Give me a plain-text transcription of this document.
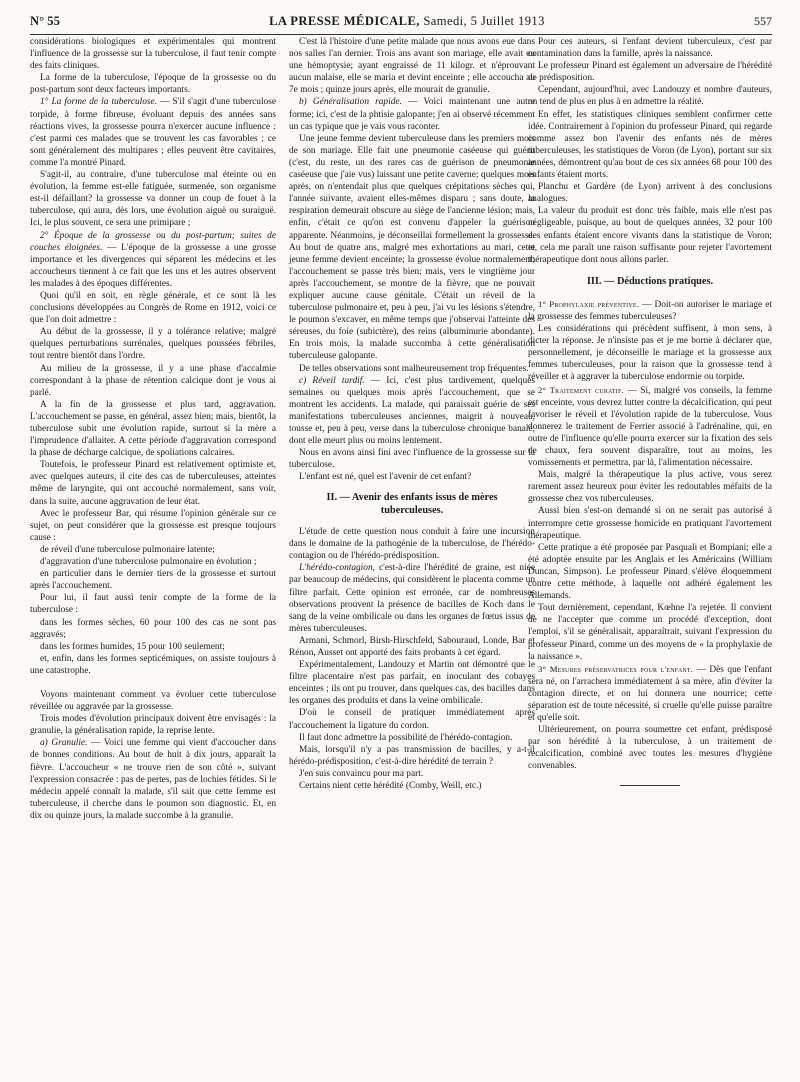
N° 55	LA PRESSE MÉDICALE, Samedi, 5 Juillet 1913	557

considérations biologiques et expérimentales qui montrent l'influence de la grossesse sur la tuberculose, il faut tenir compte des faits cliniques.

La forme de la tuberculose, l'époque de la grossesse ou du post-partum sont deux facteurs importants.

1° La forme de la tuberculose. — S'il s'agit d'une tuberculose torpide, à forme fibreuse, évoluant depuis des années sans réactions vives, la grossesse pourra n'exercer aucune influence : c'est parmi ces malades que se trouvent les cas favorables ; ce sont généralement des multipares ; elles peuvent être cavitaires, comme l'a montré Pinard.

S'agit-il, au contraire, d'une tuberculose mal éteinte ou en évolution, la femme est-elle fatiguée, surmenée, son organisme est-il défaillant? la grossesse va donner un coup de fouet à la tuberculose, qui aura, dès lors, une évolution aiguë ou suraiguë. Ici, le plus souvent, ce sera une primipare ;

2° Époque de la grossesse ou du post-partum; suites de couches éloignées. — L'époque de la grossesse a une grosse importance et les divergences qui séparent les médecins et les accoucheurs tiennent à ce fait que les uns et les autres observent les malades à des époques différentes.

Quoi qu'il en soit, en règle générale, et ce sont là les conclusions développées au Congrès de Rome en 1912, voici ce que l'on doit admettre :

Au début de la grossesse, il y a tolérance relative; malgré quelques perturbations surrénales, quelques poussées fébriles, tout rentre bientôt dans l'ordre.

Au milieu de la grossesse, il y a une phase d'accalmie correspondant à la phase de rétention calcique dont je vous ai parlé.

A la fin de la grossesse et plus tard, aggravation. L'accouchement se passe, en général, assez bien; mais, bientôt, la tuberculose subit une évolution rapide, surtout si la mère a l'imprudence d'allaiter. A cette période d'aggravation correspond la phase de décharge calcique, de spoliations calcaires.

Toutefois, le professeur Pinard est relativement optimiste et, avec quelques auteurs, il cite des cas de tuberculeuses, atteintes même de laryngite, qui ont accouché normalement, sans voir, dans la suite, aucune aggravation de leur état.

Avec le professeur Bar, qui résume l'opinion générale sur ce sujet, on peut considérer que la grossesse est presque toujours cause :

de réveil d'une tuberculose pulmonaire latente;

d'aggravation d'une tuberculose pulmonaire en évolution ;

en particulier dans le dernier tiers de la grossesse et surtout après l'accouchement.

Pour lui, il faut aussi tenir compte de la forme de la tuberculose :

dans les formes sèches, 60 pour 100 des cas ne sont pas aggravés;

dans les formes humides, 15 pour 100 seulement;

et, enfin, dans les formes septicémiques, on assiste toujours à une catastrophe.

Voyons maintenant comment va évoluer cette tuberculose réveillée ou aggravée par la grossesse.

Trois modes d'évolution principaux doivent être envisagés : la granulie, la généralisation rapide, la reprise lente.

a) Granulie. — Voici une femme qui vient d'accoucher dans de bonnes conditions. Au bout de huit à dix jours, apparaît la fièvre. L'accoucheur « ne trouve rien de son côté », suivant l'expression consacrée : pas de pertes, pas de lochies fétides. Si le médecin appelé connaît la malade, s'il sait que cette femme est tuberculeuse, il cherche dans le poumon son diagnostic. Et, en dix ou quinze jours, la malade succombe à la granulie.

C'est là l'histoire d'une petite malade que nous avons eue dans nos salles l'an dernier. Trois ans avant son mariage, elle avait eu une hémoptysie; ayant engraissé de 11 kilogr. et n'éprouvant aucun malaise, elle se maria et devint enceinte ; elle accoucha au 7e mois ; quinze jours après, elle mourait de granulie.

b) Généralisation rapide. — Voici maintenant une autre forme; ici, c'est de la phtisie galopante; j'en ai observé récemment un cas typique que je vais vous raconter.

Une jeune femme devient tuberculeuse dans les premiers mois de son mariage. Elle fait une pneumonie caséeuse qui guérit (c'est, du reste, un des rares cas de guérison de pneumonie caséeuse que j'aie vus) laissant une petite caverne; quelques mois après, on n'entendait plus que quelques crépitations sèches qui, l'année suivante, avaient elles-mêmes disparu ; sans doute, la respiration demeurait obscure au siège de l'ancienne lésion; mais, enfin, c'était ce qu'on est convenu d'appeler la guérison apparente. Néanmoins, je déconseillai formellement la grossesse. Au bout de quatre ans, malgré mes exhortations au mari, cette jeune femme devient enceinte; la grossesse évolue normalement; l'accouchement se passe très bien; mais, vers le vingtième jour après l'accouchement, se montre de la fièvre, que ne pouvait expliquer aucune cause génitale. C'était un réveil de la tuberculose pulmonaire et, peu à peu, j'ai vu les lésions s'étendre, le poumon s'excaver, en même temps que j'observai l'atteinte des séreuses, du foie (subictère), des reins (albuminurie abondante). En trois mois, la malade succomba à cette généralisation tuberculeuse galopante.

De telles observations sont malheureusement trop fréquentes.

c) Réveil tardif. — Ici, c'est plus tardivement, quelques semaines ou quelques mois après l'accouchement, que se montrent les accidents. La malade, qui paraissait guérie de ses manifestations tuberculeuses anciennes, maigrit à nouveau, tousse et, peu à peu, verse dans la tuberculose chronique banale, dont elle meurt plus ou moins lentement.

Nous en avons ainsi fini avec l'influence de la grossesse sur la tuberculose.

L'enfant est né, quel est l'avenir de cet enfant?

II. — Avenir des enfants issus de mères tuberculeuses.

L'étude de cette question nous conduit à faire une incursion dans le domaine de la pathogénie de la tuberculose, de l'hérédo-contagion ou de l'hérédo-prédisposition.

L'hérédo-contagion, c'est-à-dire l'hérédité de graine, est niée par beaucoup de médecins, qui considèrent le placenta comme un filtre parfait. Cette opinion est erronée, car de nombreuses observations prouvent la présence de bacilles de Koch dans le sang de la veine ombilicale ou dans les organes de fœtus issus de mères tuberculeuses.

Armani, Schmorl, Birsh-Hirschfeld, Sabouraud, Londe, Bar et Rénon, Ausset ont apporté des faits probants à cet égard.

Expérimentalement, Landouzy et Martin ont démontré que le filtre placentaire n'est pas parfait, en inoculant des cobayes enceintes ; ils ont pu trouver, dans quelques cas, des bacilles dans les organes des produits et dans la veine ombilicale.

D'où le conseil de pratiquer immédiatement après l'accouchement la ligature du cordon.

Il faut donc admettre la possibilité de l'hérédo-contagion.

Mais, lorsqu'il n'y a pas transmission de bacilles, y a-t-il hérédo-prédisposition, c'est-à-dire hérédité de terrain ?

J'en suis convaincu pour ma part.

Certains nient cette hérédité (Comby, Weill, etc.)

Pour ces auteurs, si l'enfant devient tuberculeux, c'est par contamination dans la famille, après la naissance.

Le professeur Pinard est également un adversaire de l'hérédité de prédisposition.

Cependant, aujourd'hui, avec Landouzy et nombre d'auteurs, on tend de plus en plus à en admettre la réalité.

En effet, les statistiques cliniques semblent confirmer cette idée. Contrairement à l'opinion du professeur Pinard, qui regarde comme assez bon l'avenir des enfants nés de mères tuberculeuses, les statistiques de Voron (de Lyon), portant sur six années, démontrent qu'au bout de ces six années 68 pour 100 des enfants étaient morts.

Planchu et Gardère (de Lyon) arrivent à des conclusions analogues.

La valeur du produit est donc très faible, mais elle n'est pas négligeable, puisque, au bout de quelques années, 32 pour 100 des enfants étaient encore vivants dans la statistique de Voron; et, cela me paraît une raison suffisante pour rejeter l'avortement thérapeutique dont nous allons parler.

III. — Déductions pratiques.

1° Prophylaxie préventive. — Doit-on autoriser le mariage et la grossesse des femmes tuberculeuses?

Les considérations qui précèdent suffisent, à mon sens, à dicter la réponse. Je n'insiste pas et je me borne à déclarer que, personnellement, je déconseille le mariage et la grossesse aux femmes tuberculeuses, pour la raison que la grossesse tend à réveiller et à aggraver la tuberculose endormie ou torpide.

2° Traitement curatif. — Si, malgré vos conseils, la femme est enceinte, vous devrez lutter contre la décalcification, qui peut favoriser le réveil et l'évolution rapide de la tuberculose. Vous donnerez le traitement de Ferrier associé à l'adrénaline, qui, en outre de l'influence qu'elle pourra exercer sur la fixation des sels de chaux, fera souvent disparaître, tout au moins, les vomissements et permettra, par là, l'alimentation nécessaire.

Mais, malgré la thérapeutique la plus active, vous serez rarement assez heureux pour éviter les redoutables méfaits de la grossesse chez vos tuberculeuses.

Aussi bien s'est-on demandé si on ne serait pas autorisé à interrompre cette grossesse homicide en pratiquant l'avortement thérapeutique.

Cette pratique a été proposée par Pasquali et Bompiani; elle a été adoptée ensuite par les Anglais et les Américains (William Duncan, Simpson). Le professeur Pinard s'élève éloquemment contre cette méthode, à laquelle ont adhéré également les Allemands.

Tout dernièrement, cependant, Kœhne l'a rejetée. Il convient de ne l'accepter que comme un procédé d'exception, dont l'emploi, s'il se généralisait, apparaîtrait, suivant l'expression du professeur Pinard, comme un des moyens de « la prophylaxie de la naissance ».

3° Mesures préservatrices pour l'enfant. — Dès que l'enfant sera né, on l'arrachera immédiatement à sa mère, afin d'éviter la contagion directe, et on lui donnera une nourrice; cette séparation est de toute nécessité, si cruelle qu'elle puisse paraître et qu'elle soit.

Ultérieurement, on pourra soumettre cet enfant, prédisposé par son hérédité à la tuberculose, à un traitement de recalcification, combiné avec toutes les mesures d'hygiène convenables.
